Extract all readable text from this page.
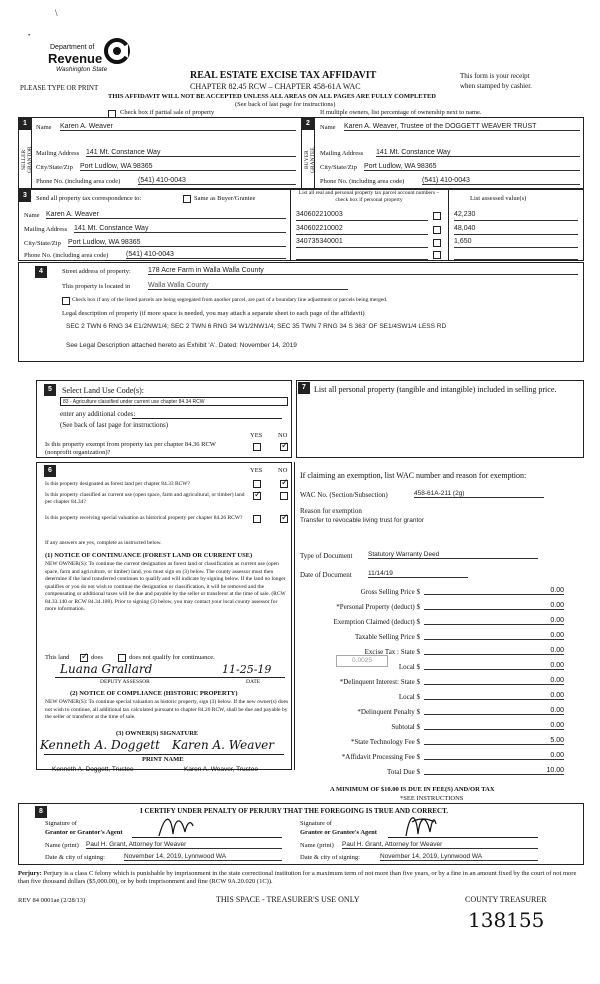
\
•
Department of
Revenue
Washington State
REAL ESTATE EXCISE TAX AFFIDAVIT
PLEASE TYPE OR PRINT	CHAPTER 82.45 RCW – CHAPTER 458-61A WAC
This form is your receipt
when stamped by cashier.
THIS AFFIDAVIT WILL NOT BE ACCEPTED UNLESS ALL AREAS ON ALL PAGES ARE FULLY COMPLETED
(See back of last page for instructions)
Check box if partial sale of property	If multiple owners, list percentage of ownership next to name.
1	2
SELLER GRANTOR	BUYER GRANTEE
Name Karen A. Weaver
Mailing Address 141 Mt. Constance Way
City/State/Zip Port Ludlow, WA 98365
Phone No. (including area code)	(541) 410-0043
Name Karen A. Weaver, Trustee of the DOGGETT WEAVER TRUST
Mailing Address 141 Mt. Constance Way
City/State/Zip Port Ludlow, WA 98365
Phone No. (including area code)	(541) 410-0043
3	Send all property tax correspondence to:	Same as Buyer/Grantee
List all real and personal property tax parcel account numbers – check box if personal property	List assessed value(s)
Name Karen A. Weaver
Mailing Address 141 Mt. Constance Way
City/State/Zip Port Ludlow, WA 98365
Phone No. (including area code)	(541) 410-0043
340602210003	42,230
340602210002	48,040
340735340001	1,650
4	Street address of property: 178 Acre Farm in Walla Walla County
This property is located in	Walla Walla County
Check box if any of the listed parcels are being segregated from another parcel, are part of a boundary line adjustment or parcels being merged.
Legal description of property (if more space is needed, you may attach a separate sheet to each page of the affidavit)
SEC 2 TWN 6 RNG 34 E1/2NW1/4; SEC 2 TWN 6 RNG 34 W1/2NW1/4; SEC 35 TWN 7 RNG 34 S 363' OF SE1/4SW1/4 LESS RD
See Legal Description attached hereto as Exhibit 'A'. Dated: November 14, 2019
5	Select Land Use Code(s):
83 - Agriculture classified under current use chapter 84.34 RCW
enter any additional codes:
(See back of last page for instructions)
YES NO
Is this property exempt from property tax per chapter 84.36 RCW (nonprofit organization)?
✓
7	List all personal property (tangible and intangible) included in selling price.
6	YES NO
Is this property designated as forest land per chapter 84.33 RCW?
✓
Is this property classified as current use (open space, farm and agricultural, or timber) land per chapter 84.34?
✓
Is this property receiving special valuation as historical property per chapter 84.26 RCW?
✓
If any answers are yes, complete as instructed below.
(1) NOTICE OF CONTINUANCE (FOREST LAND OR CURRENT USE)
NEW OWNER(S): To continue the current designation as forest land or classification as current use (open space, farm and agriculture, or timber) land, you must sign on (3) below. The county assessor must then determine if the land transferred continues to qualify and will indicate by signing below. If the land no longer qualifies or you do not wish to continue the designation or classification, it will be removed and the compensating or additional taxes will be due and payable by the seller or transferor at the time of sale. (RCW 84.33.140 or RCW 84.34.108). Prior to signing (3) below, you may contact your local county assessor for more information.
This land
✓	does	does not qualify for continuance.
Luana Grallard	11-25-19
DEPUTY ASSESSOR	DATE
(2) NOTICE OF COMPLIANCE (HISTORIC PROPERTY)
NEW OWNER(S): To continue special valuation as historic property, sign (3) below. If the new owner(s) does not wish to continue, all additional tax calculated pursuant to chapter 84.26 RCW, shall be due and payable by the seller or transferor at the time of sale.
(3) OWNER(S) SIGNATURE
Kenneth A. Doggett Karen A. Weaver
PRINT NAME
Kenneth A. Doggett, Trustee	Karen A. Weaver, Trustee
If claiming an exemption, list WAC number and reason for exemption:
WAC No. (Section/Subsection)	458-61A-211 (2g)
Reason for exemption
Transfer to revocable living trust for grantor
Type of Document Statutory Warranty Deed
Date of Document	11/14/19
Gross Selling Price $	0.00
*Personal Property (deduct) $	0.00
Exemption Claimed (deduct) $	0.00
Taxable Selling Price $	0.00
Excise Tax : State $	0.00
0.0025
Local $	0.00
*Delinquent Interest: State $	0.00
Local $	0.00
*Delinquent Penalty $	0.00
Subtotal $	0.00
*State Technology Fee $	5.00
*Affidavit Processing Fee $	0.00
Total Due $	10.00
A MINIMUM OF $10.00 IS DUE IN FEE(S) AND/OR TAX
*SEE INSTRUCTIONS
8	I CERTIFY UNDER PENALTY OF PERJURY THAT THE FOREGOING IS TRUE AND CORRECT.
Signature of
Grantor or Grantor's Agent
Name (print) Paul H. Grant, Attorney for Weaver
Date & city of signing:	November 14, 2019, Lynnwood WA
Signature of
Grantee or Grantee's Agent
Name (print) Paul H. Grant, Attorney for Weaver
Date & city of signing:	November 14, 2019, Lynnwood WA
Perjury: Perjury is a class C felony which is punishable by imprisonment in the state correctional institution for a maximum term of not more than five years, or by a fine in an amount fixed by the court of not more than five thousand dollars ($5,000.00), or by both imprisonment and fine (RCW 9A.20.020 (1C)).
REV 84 0001ae (2/28/13)	THIS SPACE - TREASURER'S USE ONLY	COUNTY TREASURER
138155
